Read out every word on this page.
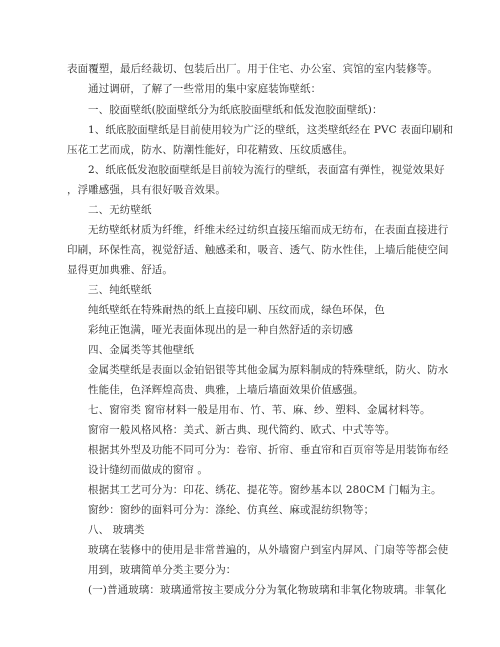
表面覆塑，最后经裁切、包装后出厂。用于住宅、办公室、宾馆的室内装修等。
通过调研，了解了一些常用的集中家庭装饰壁纸：
一、胶面壁纸(胶面壁纸分为纸底胶面壁纸和低发泡胶面壁纸)：
1、纸底胶面壁纸是目前使用较为广泛的壁纸，这类壁纸经在 PVC 表面印刷和
压花工艺而成，防水、防潮性能好，印花精致、压纹质感佳。
2、纸底低发泡胶面壁纸是目前较为流行的壁纸，表面富有弹性，视觉效果好
，浮雕感强，具有很好吸音效果。
二、无纺壁纸
无纺壁纸材质为纤维，纤维未经过纺织直接压缩而成无纺布，在表面直接进行
印刷，环保性高，视觉舒适、触感柔和，吸音、透气、防水性佳，上墙后能使空间
显得更加典雅、舒适。
三、纯纸壁纸
纯纸壁纸在特殊耐热的纸上直接印刷、压纹而成，绿色环保，色
彩纯正饱满，哑光表面体现出的是一种自然舒适的亲切感
四、金属类等其他壁纸
金属类壁纸是表面以金铂铝银等其他金属为原料制成的特殊壁纸，防火、防水
性能佳，色泽辉煌高贵、典雅，上墙后墙面效果价值感强。
七、窗帘类 窗帘材料一般是用布、竹、苇、麻、纱、塑料、金属材料等。
窗帘一般风格风格：美式、新古典、现代简约、欧式、中式等等。
根据其外型及功能不同可分为：卷帘、折帘、垂直帘和百页帘等是用装饰布经
设计缝纫而做成的窗帘 。
根据其工艺可分为：印花、绣花、提花等。窗纱基本以 280CM 门幅为主。
窗纱：窗纱的面料可分为：涤纶、仿真丝、麻或混纺织物等；
八、 玻璃类
玻璃在装修中的使用是非常普遍的，从外墙窗户到室内屏风、门扇等等都会使
用到，玻璃简单分类主要分为：
(一)普通玻璃：玻璃通常按主要成分分为氧化物玻璃和非氧化物玻璃。非氧化
